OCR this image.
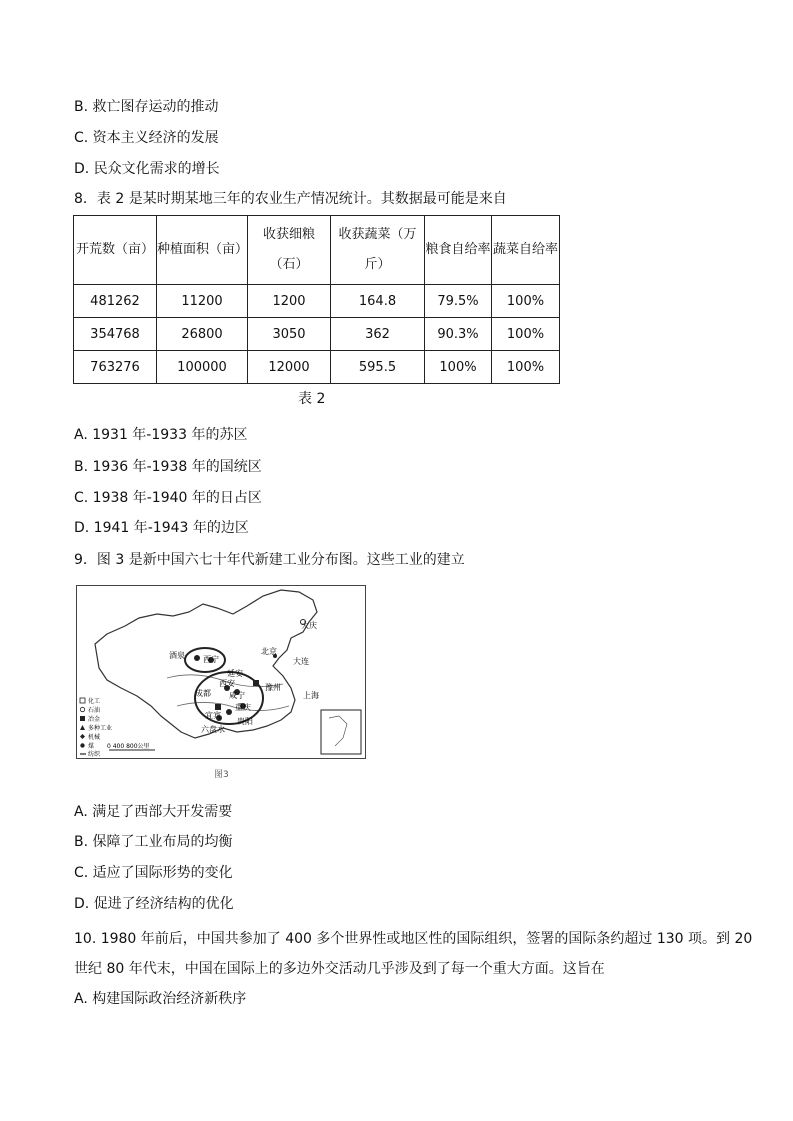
B. 救亡图存运动的推动
C. 资本主义经济的发展
D. 民众文化需求的增长
8．表 2 是某时期某地三年的农业生产情况统计。其数据最可能是来自
开荒数（亩）	种植面积（亩）	收获细粮（石）	收获蔬菜（万斤）	粮食自给率	蔬菜自给率
481262	11200	1200	164.8	79.5%	100%
354768	26800	3050	362	90.3%	100%
763276	100000	12000	595.5	100%	100%
表 2
A. 1931 年-1933 年的苏区
B. 1936 年-1938 年的国统区
C. 1938 年-1940 年的日占区
D. 1941 年-1943 年的边区
9．图 3 是新中国六七十年代新建工业分布图。这些工业的建立
大庆
酒泉 西宁
北京
大连
延安
西安
成都 咸宁
豫州
上海
重庆
宜宾
贵阳
六盘水
化工
石油
冶金
多种工业
机械
煤
纺织
0 400 800公里
图3
A. 满足了西部大开发需要
B. 保障了工业布局的均衡
C. 适应了国际形势的变化
D. 促进了经济结构的优化
10. 1980 年前后，中国共参加了 400 多个世界性或地区性的国际组织，签署的国际条约超过 130 项。到 20
世纪 80 年代末，中国在国际上的多边外交活动几乎涉及到了每一个重大方面。这旨在
A. 构建国际政治经济新秩序
